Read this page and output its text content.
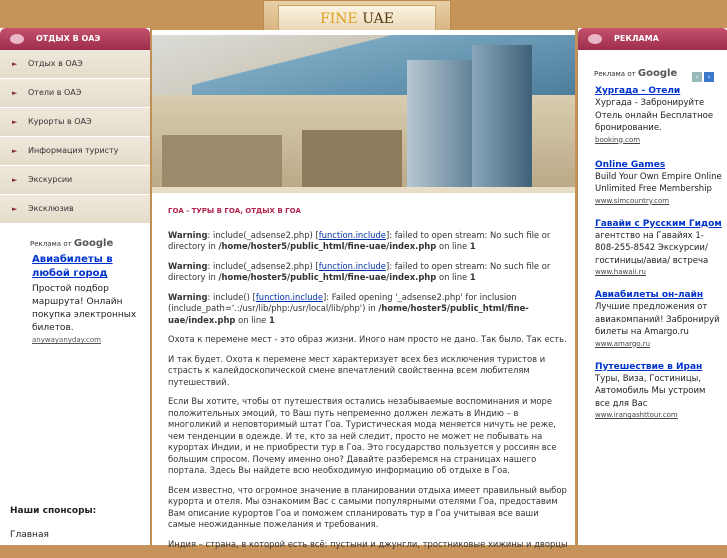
FINE UAE
ОТДЫХ В ОАЭ
► Отдых в ОАЭ
► Отели в ОАЭ
► Курорты в ОАЭ
► Информация туристу
► Экскурсии
► Эксклюзив
Реклама от Google
Авиабилеты в любой город
Простой подбор маршрута! Онлайн покупка электронных билетов.
anywayanyday.com
Наши спонсоры:
Главная
ГОА - ТУРЫ В ГОА, ОТДЫХ В ГОА

Warning: include(_adsense2.php) [function.include]: failed to open stream: No such file or directory in /home/hoster5/public_html/fine-uae/index.php on line 1

Warning: include(_adsense2.php) [function.include]: failed to open stream: No such file or directory in /home/hoster5/public_html/fine-uae/index.php on line 1

Warning: include() [function.include]: Failed opening '_adsense2.php' for inclusion (include_path='.:/usr/lib/php:/usr/local/lib/php') in /home/hoster5/public_html/fine-uae/index.php on line 1

Охота к перемене мест - это образ жизни. Иного нам просто не дано. Так было. Так есть.

И так будет. Охота к перемене мест характеризует всех без исключения туристов и страсть к калейдоскопической смене впечатлений свойственна всем любителям путешествий.

Если Вы хотите, чтобы от путешествия остались незабываемые воспоминания и море положительных эмоций, то Ваш путь непременно должен лежать в Индию – в многоликий и неповторимый штат Гоа. Туристическая мода меняется ничуть не реже, чем тенденции в одежде. И те, кто за ней следит, просто не может не побывать на курортах Индии, и не приобрести тур в Гоа. Это государство пользуется у россиян все большим спросом. Почему именно оно? Давайте разберемся на страницах нашего портала. Здесь Вы найдете всю необходимую информацию об отдыхе в Гоа.

Всем известно, что огромное значение в планировании отдыха имеет правильный выбор курорта и отеля. Мы ознакомим Вас с самыми популярными отелями Гоа, предоставим Вам описание курортов Гоа и поможем спланировать тур в Гоа учитывая все ваши самые неожиданные пожелания и требования.

Индия – страна, в которой есть всё: пустыни и джунгли, тростниковые хижины и дворцы

РЕКЛАМА
‹ ›
Реклама от Google
Хургада - Отели
Хургада - Забронируйте Отель онлайн Бесплатное бронирование.
booking.com
Online Games
Build Your Own Empire Online Unlimited Free Membership
www.simcountry.com
Гавайи с Русским Гидом
агентство на Гавайях 1-808-255-8542 Экскурсии/ гостиницы/авиа/ встреча
www.hawaii.ru
Авиабилеты он-лайн
Лучшие предложения от авиакомпаний! Забронируй билеты на Amargo.ru
www.amargo.ru
Путешествие в Иран
Туры, Виза, Гостиницы, Автомобиль Мы устроим все для Вас
www.irangashttour.com
